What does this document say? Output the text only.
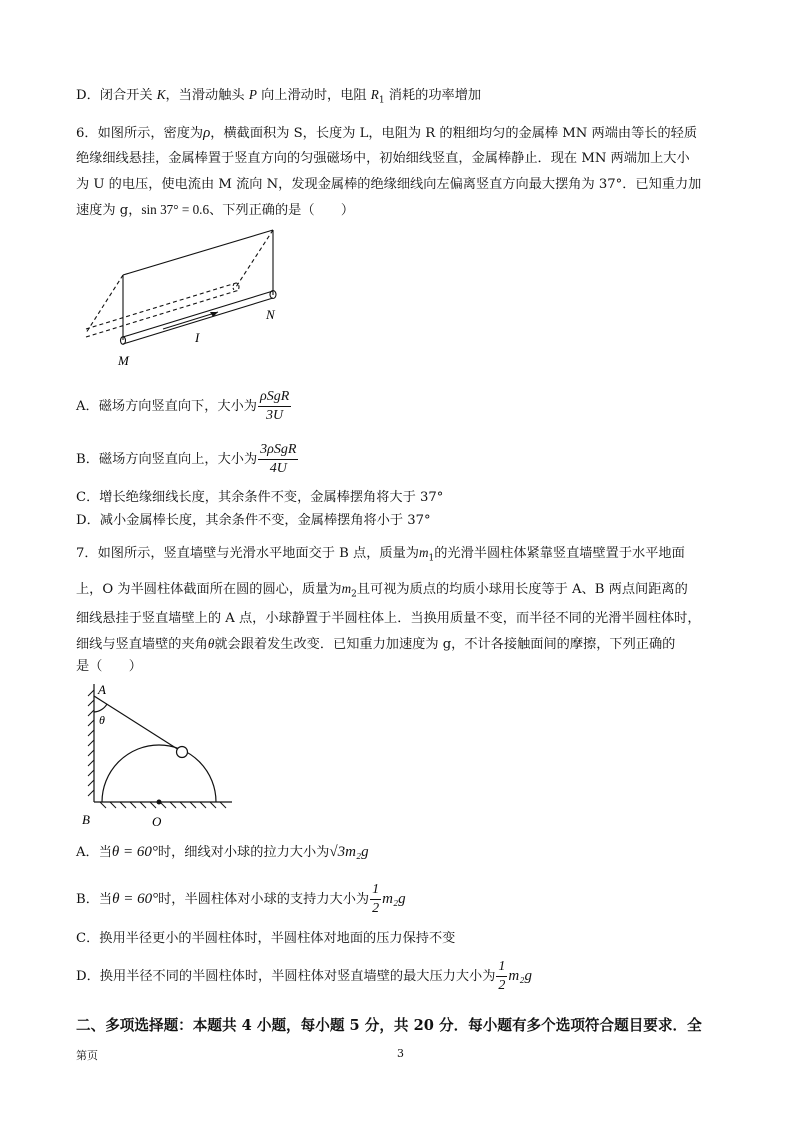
D．闭合开关 K，当滑动触头 P 向上滑动时，电阻 $R_1$ 消耗的功率增加
6．如图所示，密度为ρ，横截面积为 S，长度为 L，电阻为 R 的粗细均匀的金属棒 MN 两端由等长的轻质
绝缘细线悬挂，金属棒置于竖直方向的匀强磁场中，初始细线竖直，金属棒静止．现在 MN 两端加上大小
为 U 的电压，使电流由 M 流向 N，发现金属棒的绝缘细线向左偏离竖直方向最大摆角为 37°．已知重力加
速度为 g，sin 37° = 0.6、下列正确的是（　　）
M
N
I
A．磁场方向竖直向下，大小为 $\frac{\text{ρSgR}}{3U}$
B．磁场方向竖直向上，大小为 $\frac{\text{3ρSgR}}{4U}$
C．增长绝缘细线长度，其余条件不变，金属棒摆角将大于 37°
D．减小金属棒长度，其余条件不变，金属棒摆角将小于 37°
7．如图所示，竖直墙壁与光滑水平地面交于 B 点，质量为$m_1$的光滑半圆柱体紧靠竖直墙壁置于水平地面
上，O 为半圆柱体截面所在圆的圆心，质量为$m_2$且可视为质点的均质小球用长度等于 A、B 两点间距离的
细线悬挂于竖直墙壁上的 A 点，小球静置于半圆柱体上．当换用质量不变，而半径不同的光滑半圆柱体时，
细线与竖直墙壁的夹角θ就会跟着发生改变．已知重力加速度为 g，不计各接触面间的摩擦，下列正确的
是（　　）
A
θ
B	O
A．当θ = 60°时，细线对小球的拉力大小为√3m₂g
B．当θ = 60°时，半圆柱体对小球的支持力大小为 $\frac{1}{2} m_2g$
C．换用半径更小的半圆柱体时，半圆柱体对地面的压力保持不变
D．换用半径不同的半圆柱体时，半圆柱体对竖直墙壁的最大压力大小为 $\frac{1}{2} m_2g$
二、多项选择题：本题共 4 小题，每小题 5 分，共 20 分．每小题有多个选项符合题目要求．全
第页	3
